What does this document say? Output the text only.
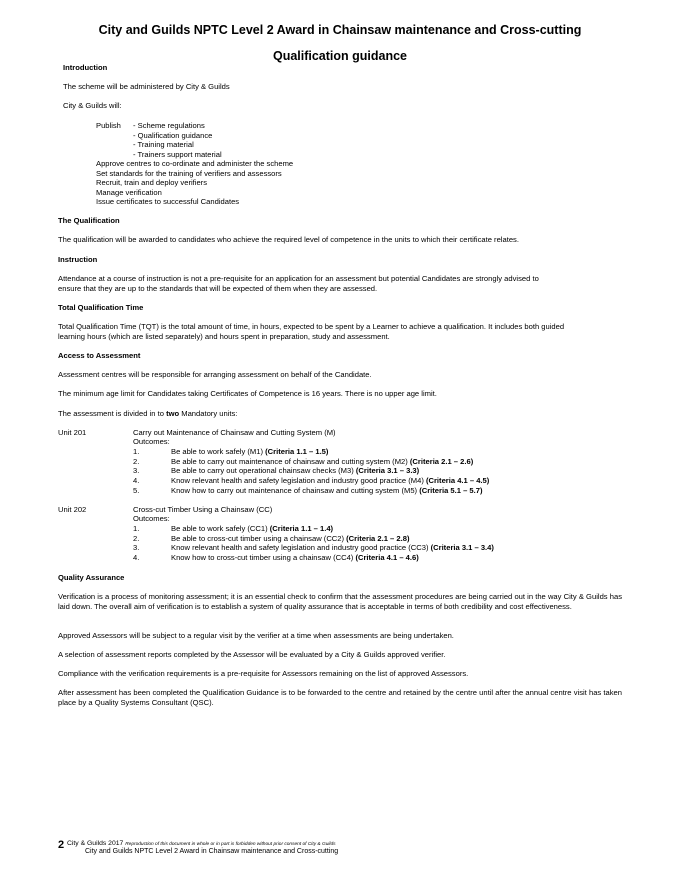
City and Guilds NPTC Level 2 Award in Chainsaw maintenance and Cross-cutting
Qualification guidance
Introduction
The scheme will be administered by City & Guilds
City & Guilds will:
Publish - Scheme regulations
- Qualification guidance
- Training material
- Trainers support material
Approve centres to co-ordinate and administer the scheme
Set standards for the training of verifiers and assessors
Recruit, train and deploy verifiers
Manage verification
Issue certificates to successful Candidates
The Qualification
The qualification will be awarded to candidates who achieve the required level of competence in the units to which their certificate relates.
Instruction
Attendance at a course of instruction is not a pre-requisite for an application for an assessment but potential Candidates are strongly advised to
ensure that they are up to the standards that will be expected of them when they are assessed.
Total Qualification Time
Total Qualification Time (TQT) is the total amount of time, in hours, expected to be spent by a Learner to achieve a qualification. It includes both guided
learning hours (which are listed separately) and hours spent in preparation, study and assessment.
Access to Assessment
Assessment centres will be responsible for arranging assessment on behalf of the Candidate.
The minimum age limit for Candidates taking Certificates of Competence is 16 years. There is no upper age limit.
The assessment is divided in to two Mandatory units:
Unit 201	Carry out Maintenance of Chainsaw and Cutting System (M)
Outcomes:
1.	Be able to work safely (M1) (Criteria 1.1 – 1.5)
2.	Be able to carry out maintenance of chainsaw and cutting system (M2) (Criteria 2.1 – 2.6)
3.	Be able to carry out operational chainsaw checks (M3) (Criteria 3.1 – 3.3)
4.	Know relevant health and safety legislation and industry good practice (M4) (Criteria 4.1 – 4.5)
5.	Know how to carry out maintenance of chainsaw and cutting system (M5) (Criteria 5.1 – 5.7)
Unit 202	Cross-cut Timber Using a Chainsaw (CC)
Outcomes:
1.	Be able to work safely (CC1) (Criteria 1.1 – 1.4)
2.	Be able to cross-cut timber using a chainsaw (CC2) (Criteria 2.1 – 2.8)
3.	Know relevant health and safety legislation and industry good practice (CC3) (Criteria 3.1 – 3.4)
4.	Know how to cross-cut timber using a chainsaw (CC4) (Criteria 4.1 – 4.6)
Quality Assurance
Verification is a process of monitoring assessment; it is an essential check to confirm that the assessment procedures are being carried out in the way City & Guilds has laid down. The overall aim of verification is to establish a system of quality assurance that is acceptable in terms of both credibility and cost effectiveness.
Approved Assessors will be subject to a regular visit by the verifier at a time when assessments are being undertaken.
A selection of assessment reports completed by the Assessor will be evaluated by a City & Guilds approved verifier.
Compliance with the verification requirements is a pre-requisite for Assessors remaining on the list of approved Assessors.
After assessment has been completed the Qualification Guidance is to be forwarded to the centre and retained by the centre until after the annual centre visit has taken place by a Quality Systems Consultant (QSC).
2 City & Guilds 2017 Reproduction of this document in whole or in part is forbidden without prior consent of City & Guilds
City and Guilds NPTC Level 2 Award in Chainsaw maintenance and Cross-cutting
